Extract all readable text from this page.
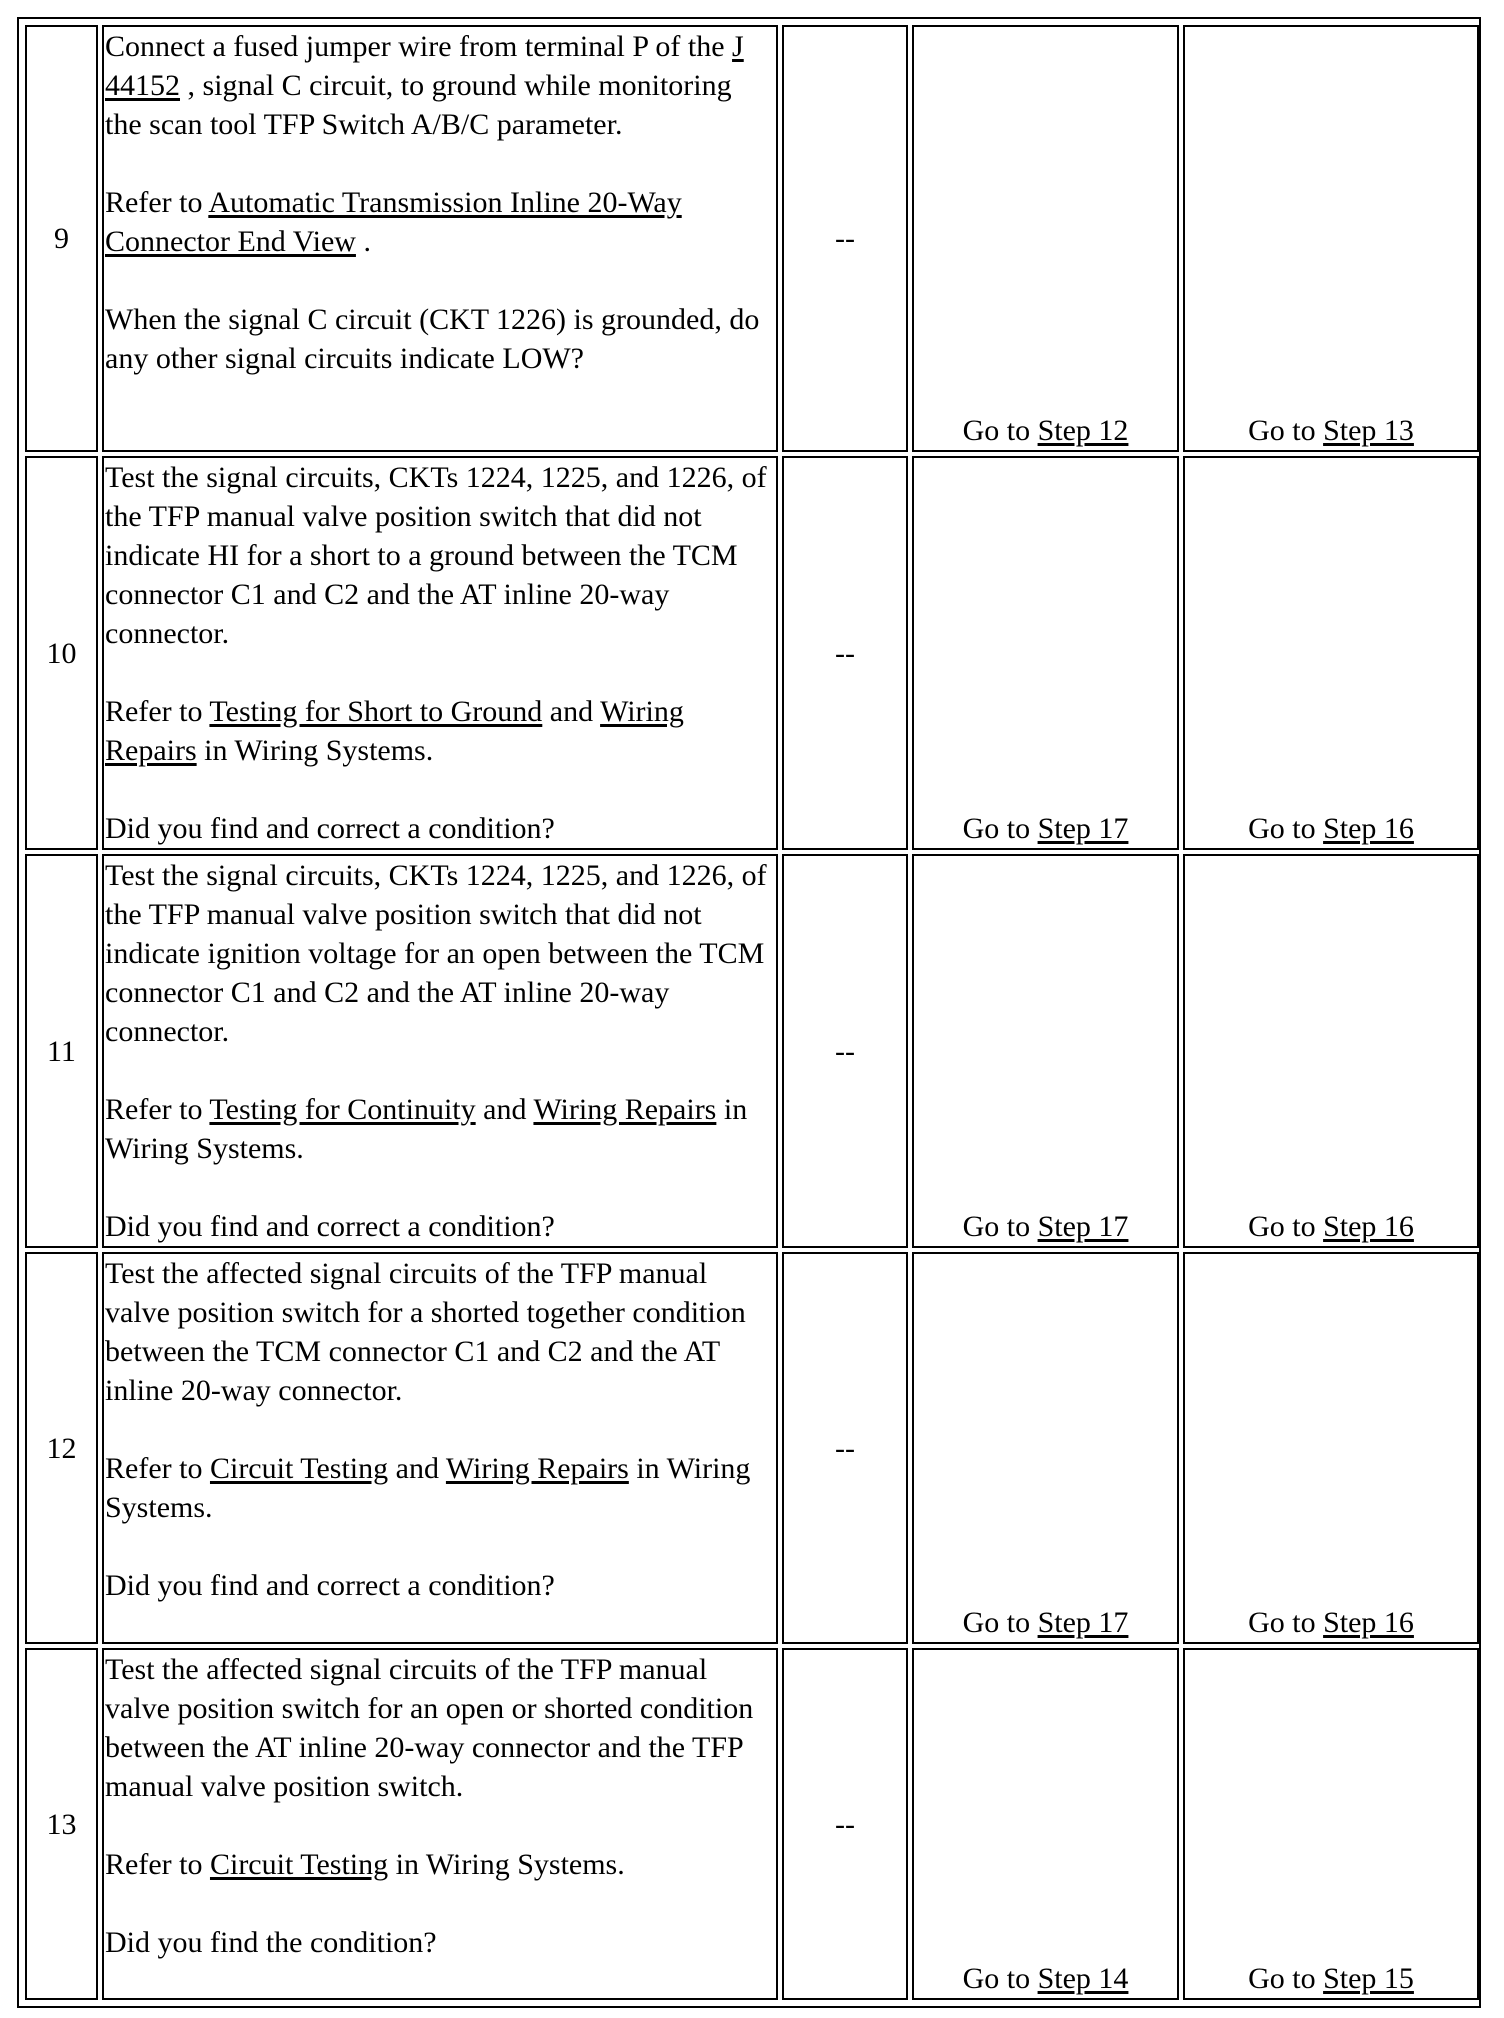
9	Connect a fused jumper wire from terminal P of the J 44152 , signal C circuit, to ground while monitoring the scan tool TFP Switch A/B/C parameter.
Refer to Automatic Transmission Inline 20-Way Connector End View .
When the signal C circuit (CKT 1226) is grounded, do any other signal circuits indicate LOW?	--	Go to Step 12	Go to Step 13
10	Test the signal circuits, CKTs 1224, 1225, and 1226, of the TFP manual valve position switch that did not indicate HI for a short to a ground between the TCM connector C1 and C2 and the AT inline 20-way connector.
Refer to Testing for Short to Ground and Wiring Repairs in Wiring Systems.
Did you find and correct a condition?	--	Go to Step 17	Go to Step 16
11	Test the signal circuits, CKTs 1224, 1225, and 1226, of the TFP manual valve position switch that did not indicate ignition voltage for an open between the TCM connector C1 and C2 and the AT inline 20-way connector.
Refer to Testing for Continuity and Wiring Repairs in Wiring Systems.
Did you find and correct a condition?	--	Go to Step 17	Go to Step 16
12	Test the affected signal circuits of the TFP manual valve position switch for a shorted together condition between the TCM connector C1 and C2 and the AT inline 20-way connector.
Refer to Circuit Testing and Wiring Repairs in Wiring Systems.
Did you find and correct a condition?	--	Go to Step 17	Go to Step 16
13	Test the affected signal circuits of the TFP manual valve position switch for an open or shorted condition between the AT inline 20-way connector and the TFP manual valve position switch.
Refer to Circuit Testing in Wiring Systems.
Did you find the condition?	--	Go to Step 14	Go to Step 15
